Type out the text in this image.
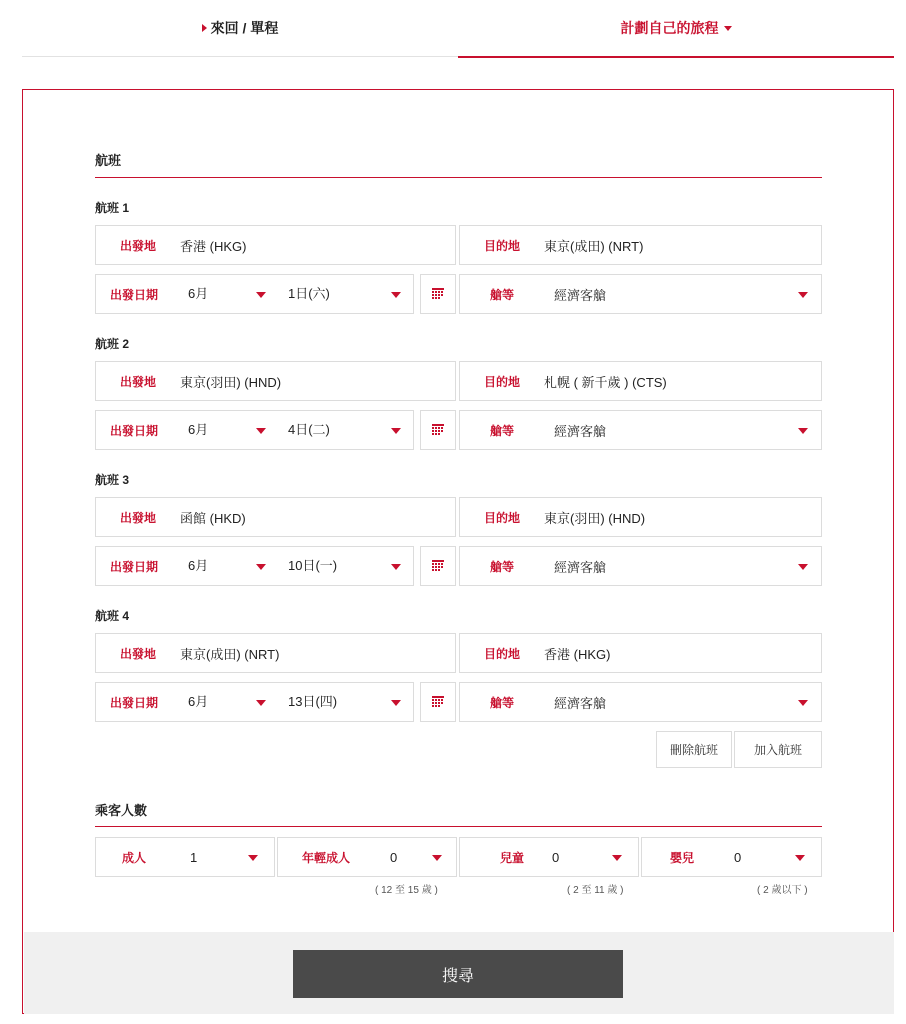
來回 / 單程	計劃自己的旅程
航班
航班 1
出發地 香港 (HKG)	目的地 東京(成田) (NRT)
出發日期 6月	1日(六)	艙等	經濟客艙
航班 2
出發地 東京(羽田) (HND)	目的地 札幌 ( 新千歲 ) (CTS)
出發日期 6月	4日(二)	艙等	經濟客艙
航班 3
出發地 函館 (HKD)	目的地 東京(羽田) (HND)
出發日期 6月	10日(一)	艙等	經濟客艙
航班 4
出發地 東京(成田) (NRT)	目的地 香港 (HKG)
出發日期 6月	13日(四)	艙等	經濟客艙
刪除航班	加入航班
乘客人數
成人	1	年輕成人	0	兒童 0	嬰兒	0
( 12 至 15 歲 )	( 2 至 11 歲 )	( 2 歲以下 )
搜尋
